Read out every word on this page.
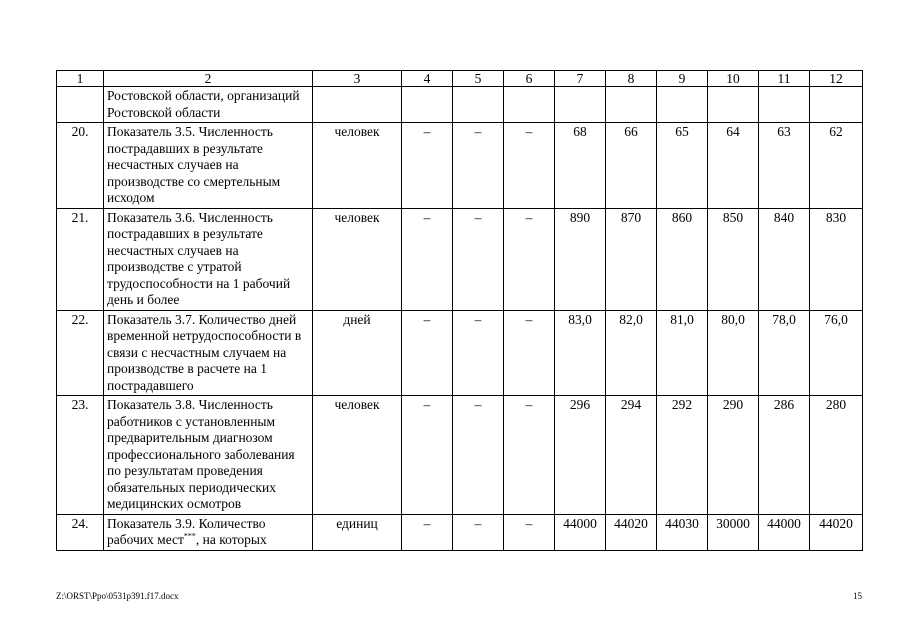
1	2	3	4	5	6	7	8	9	10	11	12
	Ростовской области, организаций Ростовской области										
20.	Показатель 3.5. Численность пострадавших в результате несчастных случаев на производстве со смертельным исходом	человек	–	–	–	68	66	65	64	63	62
21.	Показатель 3.6. Численность пострадавших в результате несчастных случаев на производстве с утратой трудоспособности на 1 рабочий день и более	человек	–	–	–	890	870	860	850	840	830
22.	Показатель 3.7. Количество дней временной нетрудоспособности в связи с несчастным случаем на производстве в расчете на 1 пострадавшего	дней	–	–	–	83,0	82,0	81,0	80,0	78,0	76,0
23.	Показатель 3.8. Численность работников с установленным предварительным диагнозом профессионального заболевания по результатам проведения обязательных периодических медицинских осмотров	человек	–	–	–	296	294	292	290	286	280
24.	Показатель 3.9. Количество рабочих мест***, на которых	единиц	–	–	–	44000	44020	44030	30000	44000	44020
Z:\ORST\Ppo\0531p391.f17.docx	15
